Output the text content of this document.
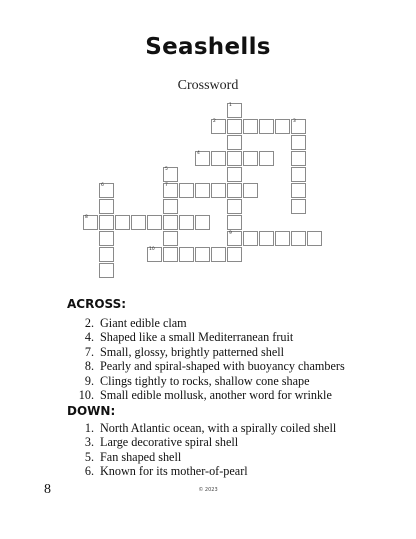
Seashells
Crossword
1
9
2	3
4
5
7
6
8
10
ACROSS:
2. Giant edible clam
4. Shaped like a small Mediterranean fruit
7. Small, glossy, brightly patterned shell
8. Pearly and spiral-shaped with buoyancy chambers
9. Clings tightly to rocks, shallow cone shape
10. Small edible mollusk, another word for wrinkle
DOWN:
1. North Atlantic ocean, with a spirally coiled shell
3. Large decorative spiral shell
5. Fan shaped shell
6. Known for its mother-of-pearl
8	© 2023
